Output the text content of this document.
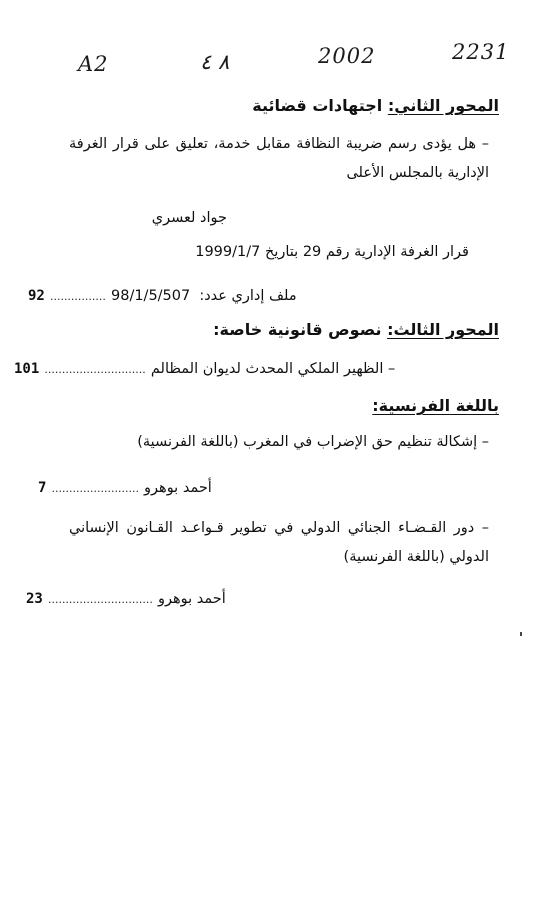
A2	٨ ٤	2002	2231
المحور الثاني: اجتهادات قضائية
– هل يؤدى رسم ضريبة النظافة مقابل خدمة، تعليق على قرار الغرفة الإدارية بالمجلس الأعلى
جواد لعسري
قرار الغرفة الإدارية رقم 29 بتاريخ 1999/1/7
92 ................ 98/1/5/507 ملف إداري عدد:
المحور الثالث: نصوص قانونية خاصة:
101 ............................. – الظهير الملكي المحدث لديوان المظالم
باللغة الفرنسية:
– إشكالة تنظيم حق الإضراب في المغرب (باللغة الفرنسية)
7 ......................... أحمد بوهرو
– دور القـضـاء الجنائي الدولي في تطوير قـواعـد القـانون الإنساني الدولي (باللغة الفرنسية)
23 .............................. أحمد بوهرو
